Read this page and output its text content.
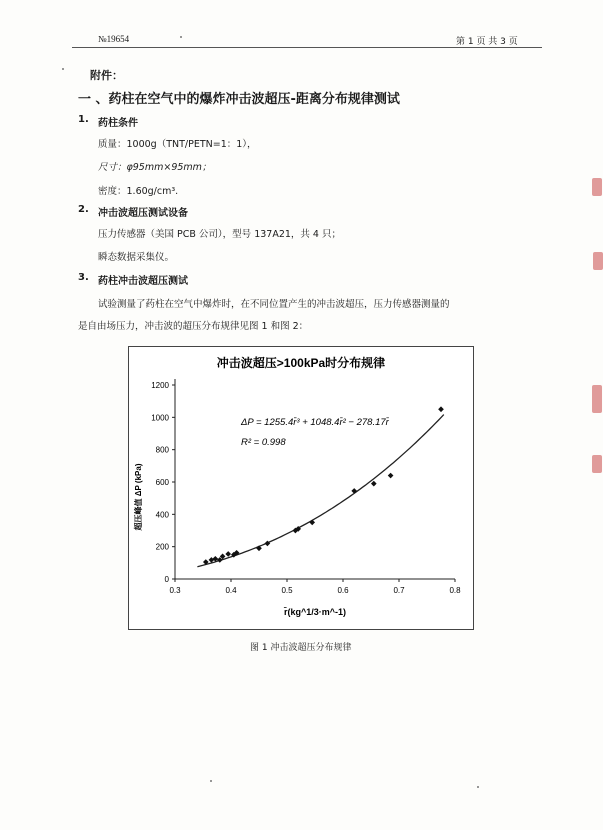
№19654	第 1 页 共 3 页
附件：
一 、药柱在空气中的爆炸冲击波超压-距离分布规律测试
1. 药柱条件
质量：1000g（TNT/PETN=1：1），
尺寸：φ95mm×95mm；
密度：1.60g/cm³.
2. 冲击波超压测试设备
压力传感器（美国 PCB 公司），型号 137A21，共 4 只；
瞬态数据采集仪。
3. 药柱冲击波超压测试
试验测量了药柱在空气中爆炸时，在不同位置产生的冲击波超压，压力传感器测量的
是自由场压力，冲击波的超压分布规律见图 1 和图 2：
冲击波超压>100kPa时分布规律
0.3	0.4	0.5	0.6	0.7	0.8
0
200
400
600
800
1000
1200
ΔP = 1255.4r̄³ + 1048.4r̄² − 278.17r̄
R² = 0.998
r̄(kg^1/3·m^-1)
超压峰值 ΔP (kPa)
图 1 冲击波超压分布规律
